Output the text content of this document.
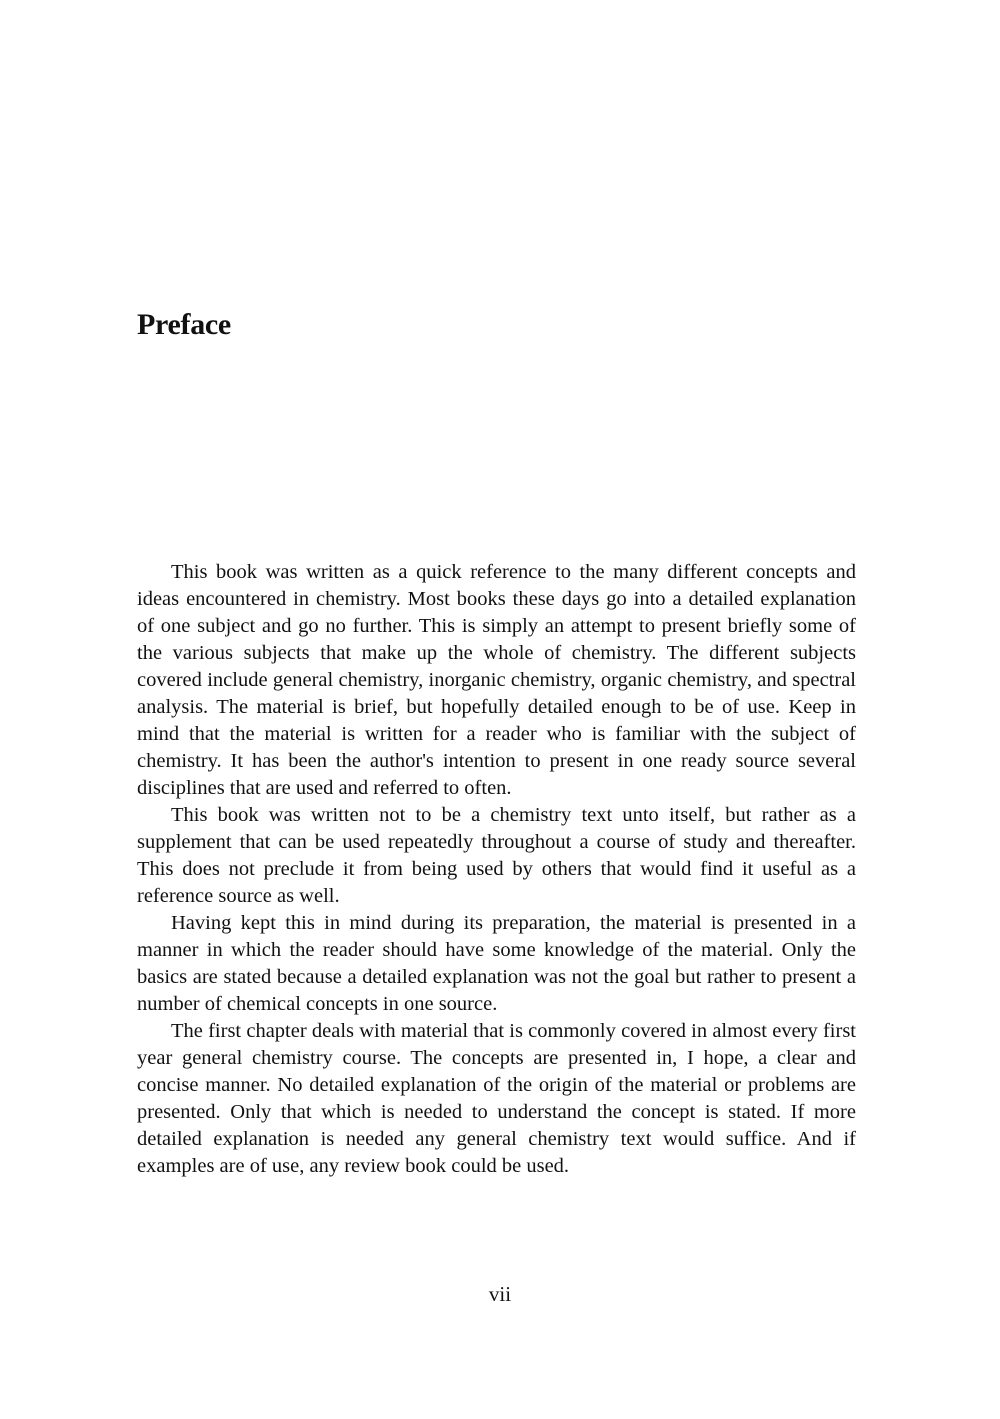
Preface

This book was written as a quick reference to the many different concepts and ideas encountered in chemistry. Most books these days go into a detailed explanation of one subject and go no further. This is simply an attempt to present briefly some of the various subjects that make up the whole of chemistry. The different subjects covered include general chemistry, inorganic chemistry, organic chemistry, and spectral analysis. The material is brief, but hopefully detailed enough to be of use. Keep in mind that the material is written for a reader who is familiar with the subject of chemistry. It has been the author's intention to present in one ready source several disciplines that are used and referred to often.

This book was written not to be a chemistry text unto itself, but rather as a supplement that can be used repeatedly throughout a course of study and thereafter. This does not preclude it from being used by others that would find it useful as a reference source as well.

Having kept this in mind during its preparation, the material is presented in a manner in which the reader should have some knowledge of the material. Only the basics are stated because a detailed explanation was not the goal but rather to present a number of chemical concepts in one source.

The first chapter deals with material that is commonly covered in almost every first year general chemistry course. The concepts are presented in, I hope, a clear and concise manner. No detailed explanation of the origin of the material or problems are presented. Only that which is needed to understand the concept is stated. If more detailed explanation is needed any general chemistry text would suffice. And if examples are of use, any review book could be used.

vii
